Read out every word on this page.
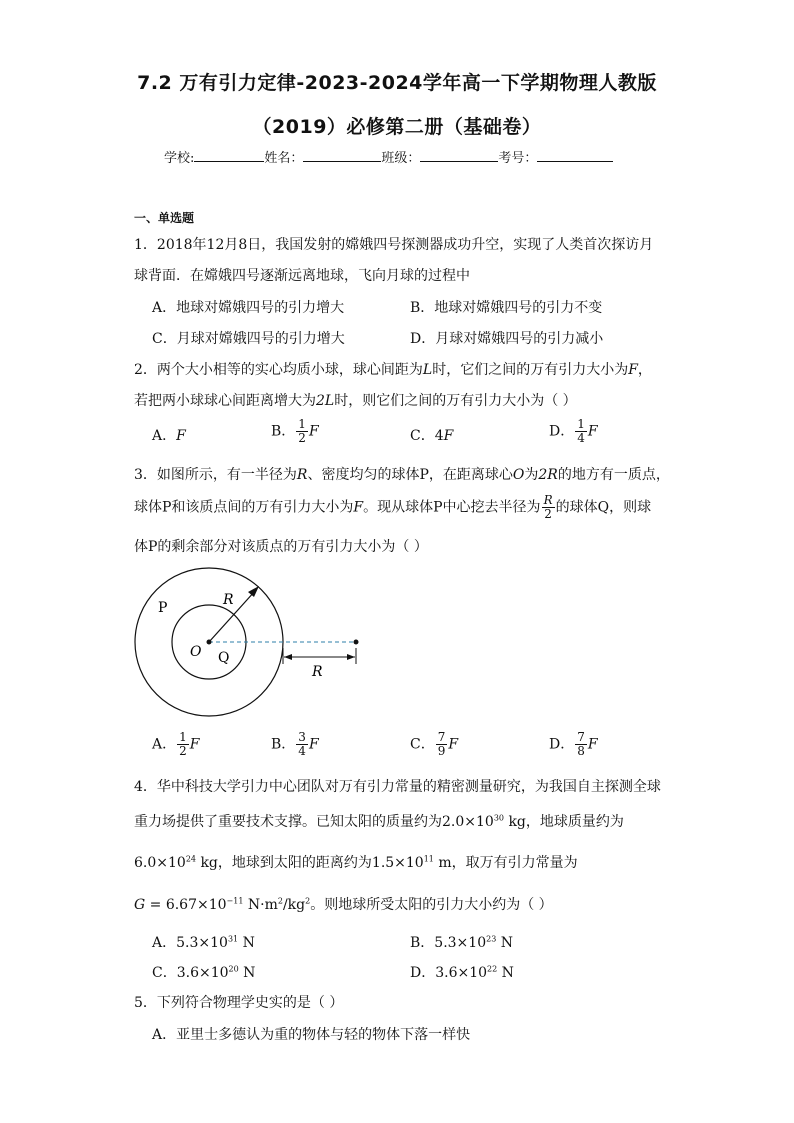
7.2 万有引力定律-2023-2024学年高一下学期物理人教版
（2019）必修第二册（基础卷）
学校:	姓名：	班级：	考号：
一、单选题
1．2018年12月8日，我国发射的嫦娥四号探测器成功升空，实现了人类首次探访月
球背面．在嫦娥四号逐渐远离地球，飞向月球的过程中
A．地球对嫦娥四号的引力增大	B．地球对嫦娥四号的引力不变
C．月球对嫦娥四号的引力增大	D．月球对嫦娥四号的引力减小
2．两个大小相等的实心均质小球，球心间距为L时，它们之间的万有引力大小为F，
若把两小球球心间距离增大为2L时，则它们之间的万有引力大小为（ ）
A．F	B． $\frac{1}{2}$ F	C．4F	D． $\frac{1}{4}$ F
3．如图所示，有一半径为R、密度均匀的球体P，在距离球心O为2R的地方有一质点，
球体P和该质点间的万有引力大小为F。现从球体P中心挖去半径为 $\frac{R}{2}$ 的球体Q，则球
体P的剩余部分对该质点的万有引力大小为（ ）
P	R
O Q
R
A． $\frac{1}{2}$ F	B． $\frac{3}{4}$ F	C． $\frac{7}{9}$ F	D． $\frac{7}{8}$ F
4．华中科技大学引力中心团队对万有引力常量的精密测量研究，为我国自主探测全球
重力场提供了重要技术支撑。已知太阳的质量约为$2.0\times 10^{30}$ kg，地球质量约为
$6.0\times 10^{24}$ kg，地球到太阳的距离约为$1.5\times 10^{11}$ m，取万有引力常量为
$G = 6.67\times 10^{-11}$ $N\cdot m^2/kg^2$。则地球所受太阳的引力大小约为（ ）
A．$5.3\times 10^{31}$ N	B．$5.3\times 10^{23}$ N
C．$3.6\times 10^{20}$ N	D．$3.6\times 10^{22}$ N
5．下列符合物理学史实的是（ ）
A．亚里士多德认为重的物体与轻的物体下落一样快
